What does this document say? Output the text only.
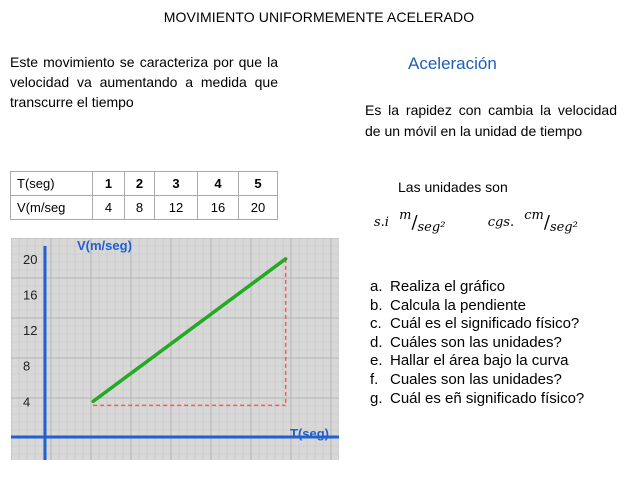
MOVIMIENTO UNIFORMEMENTE ACELERADO
Este movimiento se caracteriza por que la velocidad va aumentando a medida que transcurre el tiempo
Aceleración
Es la rapidez con cambia la velocidad de un móvil en la unidad de tiempo
Las unidades son
s.i m/seg²	cgs. cm/seg²
T(seg)	1	2	3	4	5
V(m/seg	4	8	12	16	20
4
8
12
16
20
V(m/seg)
T(seg)
a. Realiza el gráfico
b. Calcula la pendiente
c. Cuál es el significado físico?
d. Cuáles son las unidades?
e. Hallar el área bajo la curva
f. Cuales son las unidades?
g. Cuál es eñ significado físico?
